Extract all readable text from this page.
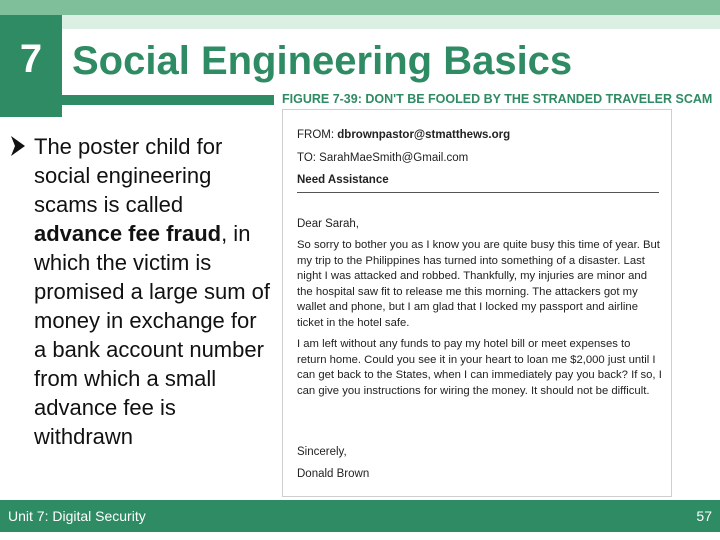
7 Social Engineering Basics
FIGURE 7-39: DON'T BE FOOLED BY THE STRANDED TRAVELER SCAM
The poster child for social engineering scams is called advance fee fraud, in which the victim is promised a large sum of money in exchange for a bank account number from which a small advance fee is withdrawn
FROM: dbrownpastor@stmatthews.org
TO: SarahMaeSmith@Gmail.com
Need Assistance
Dear Sarah,
So sorry to bother you as I know you are quite busy this time of year. But my trip to the Philippines has turned into something of a disaster. Last night I was attacked and robbed. Thankfully, my injuries are minor and the hospital saw fit to release me this morning. The attackers got my wallet and phone, but I am glad that I locked my passport and airline ticket in the hotel safe.
I am left without any funds to pay my hotel bill or meet expenses to return home. Could you see it in your heart to loan me $2,000 just until I can get back to the States, when I can immediately pay you back? If so, I can give you instructions for wiring the money. It should not be difficult.
Sincerely,
Donald Brown
Unit 7: Digital Security	57
